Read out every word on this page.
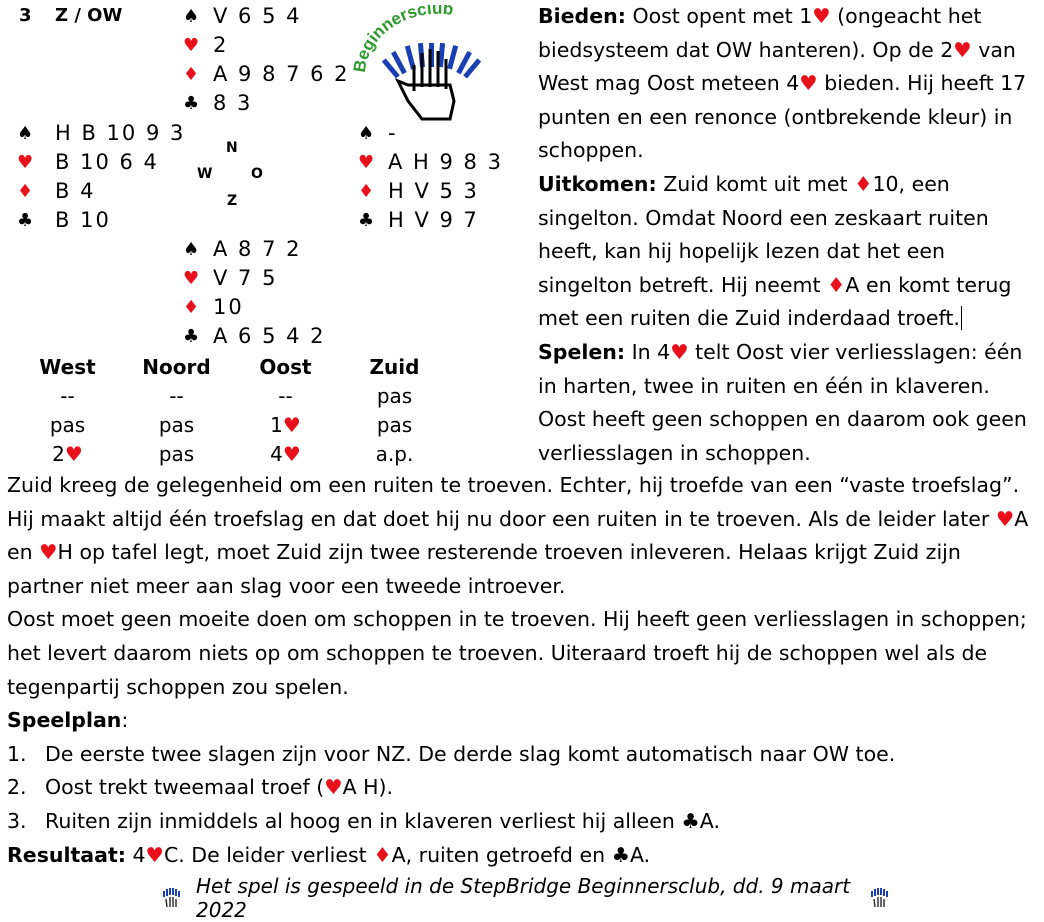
3 Z / OW	♠ V 6 5 4
♥ 2
♦ A 9 8 7 6 2
♣ 8 3
♠ H B 10 9 3
♥ B 10 6 4
♦ B 4
♣ B 10
N
W	O
Z
♠ -
♥ A H 9 8 3
♦ H V 5 3
♣ H V 9 7
♠ A 8 7 2
♥ V 7 5
♦ 10
♣ A 6 5 4 2
Beginnersclub
West	Noord	Oost	Zuid
--	--	--	pas
pas	pas	1♥	pas
2♥	pas	4♥	a.p.

Bieden: Oost opent met 1♥ (ongeacht het biedsysteem dat OW hanteren). Op de 2♥ van West mag Oost meteen 4♥ bieden. Hij heeft 17 punten en een renonce (ontbrekende kleur) in schoppen.

Uitkomen: Zuid komt uit met ♦10, een singelton. Omdat Noord een zeskaart ruiten heeft, kan hij hopelijk lezen dat het een singelton betreft. Hij neemt ♦A en komt terug met een ruiten die Zuid inderdaad troeft.

Spelen: In 4♥ telt Oost vier verliesslagen: één in harten, twee in ruiten en één in klaveren. Oost heeft geen schoppen en daarom ook geen verliesslagen in schoppen.

Zuid kreeg de gelegenheid om een ruiten te troeven. Echter, hij troefde van een “vaste troefslag”. Hij maakt altijd één troefslag en dat doet hij nu door een ruiten in te troeven. Als de leider later ♥A en ♥H op tafel legt, moet Zuid zijn twee resterende troeven inleveren. Helaas krijgt Zuid zijn partner niet meer aan slag voor een tweede introever.

Oost moet geen moeite doen om schoppen in te troeven. Hij heeft geen verliesslagen in schoppen; het levert daarom niets op om schoppen te troeven. Uiteraard troeft hij de schoppen wel als de tegenpartij schoppen zou spelen.

Speelplan:

1. De eerste twee slagen zijn voor NZ. De derde slag komt automatisch naar OW toe.
2. Oost trekt tweemaal troef (♥A H).
3. Ruiten zijn inmiddels al hoog en in klaveren verliest hij alleen ♣A.

Resultaat: 4♥C. De leider verliest ♦A, ruiten getroefd en ♣A.

Het spel is gespeeld in de StepBridge Beginnersclub, dd. 9 maart 2022
